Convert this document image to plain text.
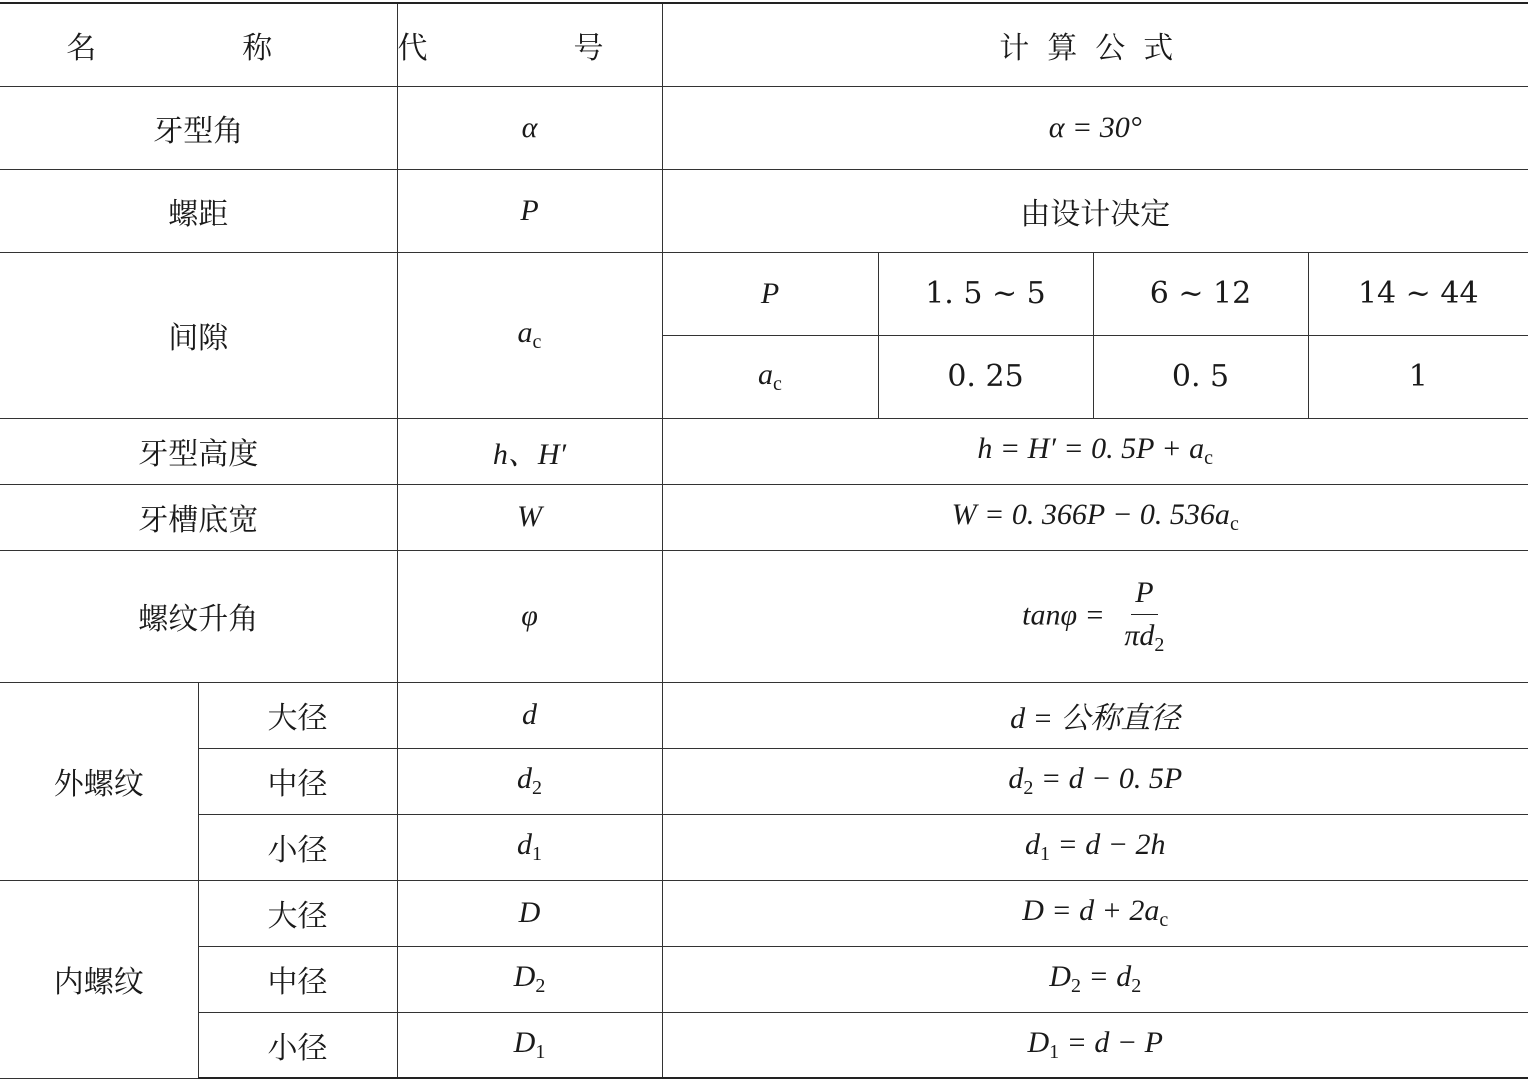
名　称		代　号	计算公式			
牙型角		α	α = 30°			
螺距		P	由设计决定			
间隙		$a_c$	P	1. 5 ~ 5	6 ~ 12	14 ~ 44
			$a_c$	0. 25	0. 5	1
牙型高度		h、H′	h = H′ = 0. $5P + a_c$
牙槽底宽		W	W = 0. 366P − 0. $536a_c$
螺纹升角		φ	$\tan\varphi = \frac{P}{\pi d_2}$

外螺纹	大径	d	d = 公称直径			
	中径	$d_2$	$d_2 = d - 0$. 5P			
	小径	$d_1$	$d_1 = d - 2h$			
内螺纹	大径	D	$D = d + 2a_c$
	中径	$D_2$	$D_2 = d_2$
	小径	$D_1$	$D_1 = d - P$			
